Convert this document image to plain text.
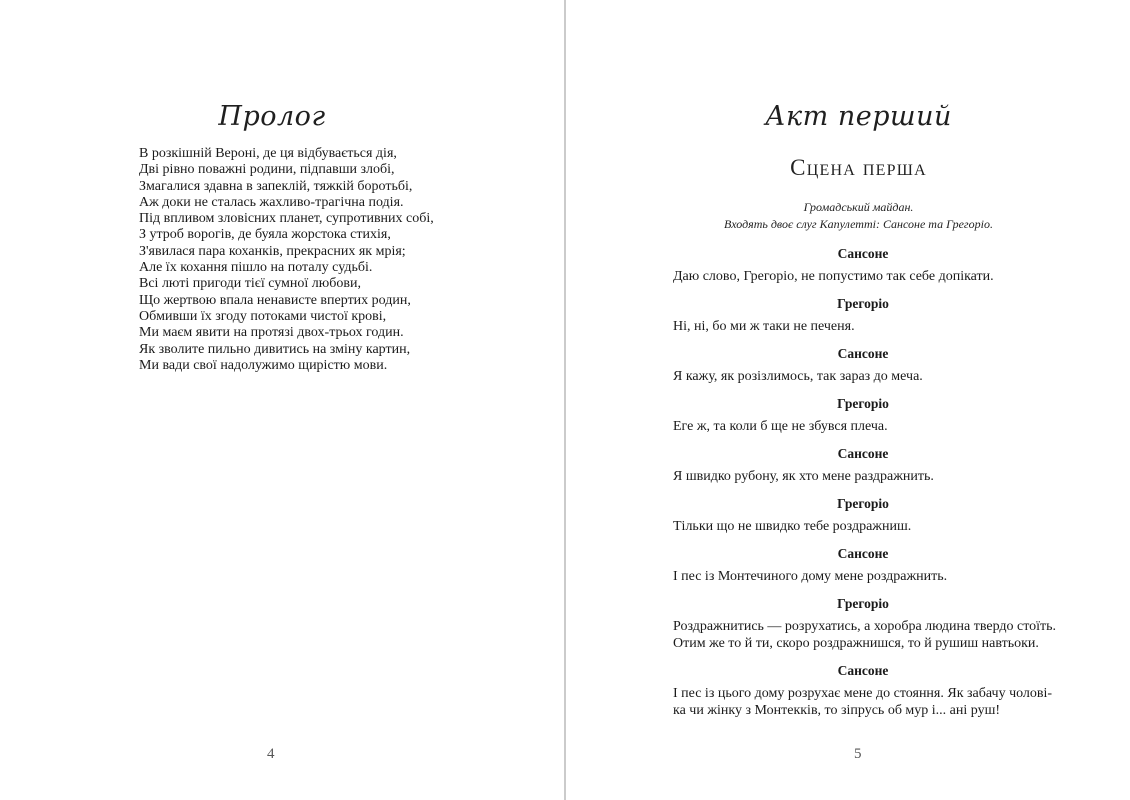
Пролог
В розкішній Вероні, де ця відбувається дія,
Дві рівно поважні родини, підпавши злобі,
Змагалися здавна в запеклій, тяжкій боротьбі,
Аж доки не сталась жахливо-трагічна подія.
Під впливом зловісних планет, супротивних собі,
З утроб ворогів, де буяла жорстока стихія,
З'явилася пара коханків, прекрасних як мрія;
Але їх кохання пішло на поталу судьбі.
Всі люті пригоди тієї сумної любови,
Що жертвою впала ненависте впертих родин,
Обмивши їх згоду потоками чистої крові,
Ми маєм явити на протязі двох-трьох годин.
Як зволите пильно дивитись на зміну картин,
Ми вади свої надолужимо щирістю мови.
4
Акт перший
Сцена перша
Громадський майдан.
Входять двоє слуг Капулетті: Сансоне та Грегоріо.
Сансоне
Даю слово, Грегоріо, не попустимо так себе допікати.
Грегоріо
Ні, ні, бо ми ж таки не печеня.
Сансоне
Я кажу, як розізлимось, так зараз до меча.
Грегоріо
Еге ж, та коли б ще не збувся плеча.
Сансоне
Я швидко рубону, як хто мене раздражнить.
Грегоріо
Тільки що не швидко тебе роздражниш.
Сансоне
І пес із Монтечиного дому мене роздражнить.
Грегоріо
Роздражнитись — розрухатись, а хоробра людина твердо стоїть.
Отим же то й ти, скоро роздражнишся, то й рушиш навтьоки.
Сансоне
І пес із цього дому розрухає мене до стояння. Як забачу чолові-
ка чи жінку з Монтекків, то зіпрусь об мур і... ані руш!
5
